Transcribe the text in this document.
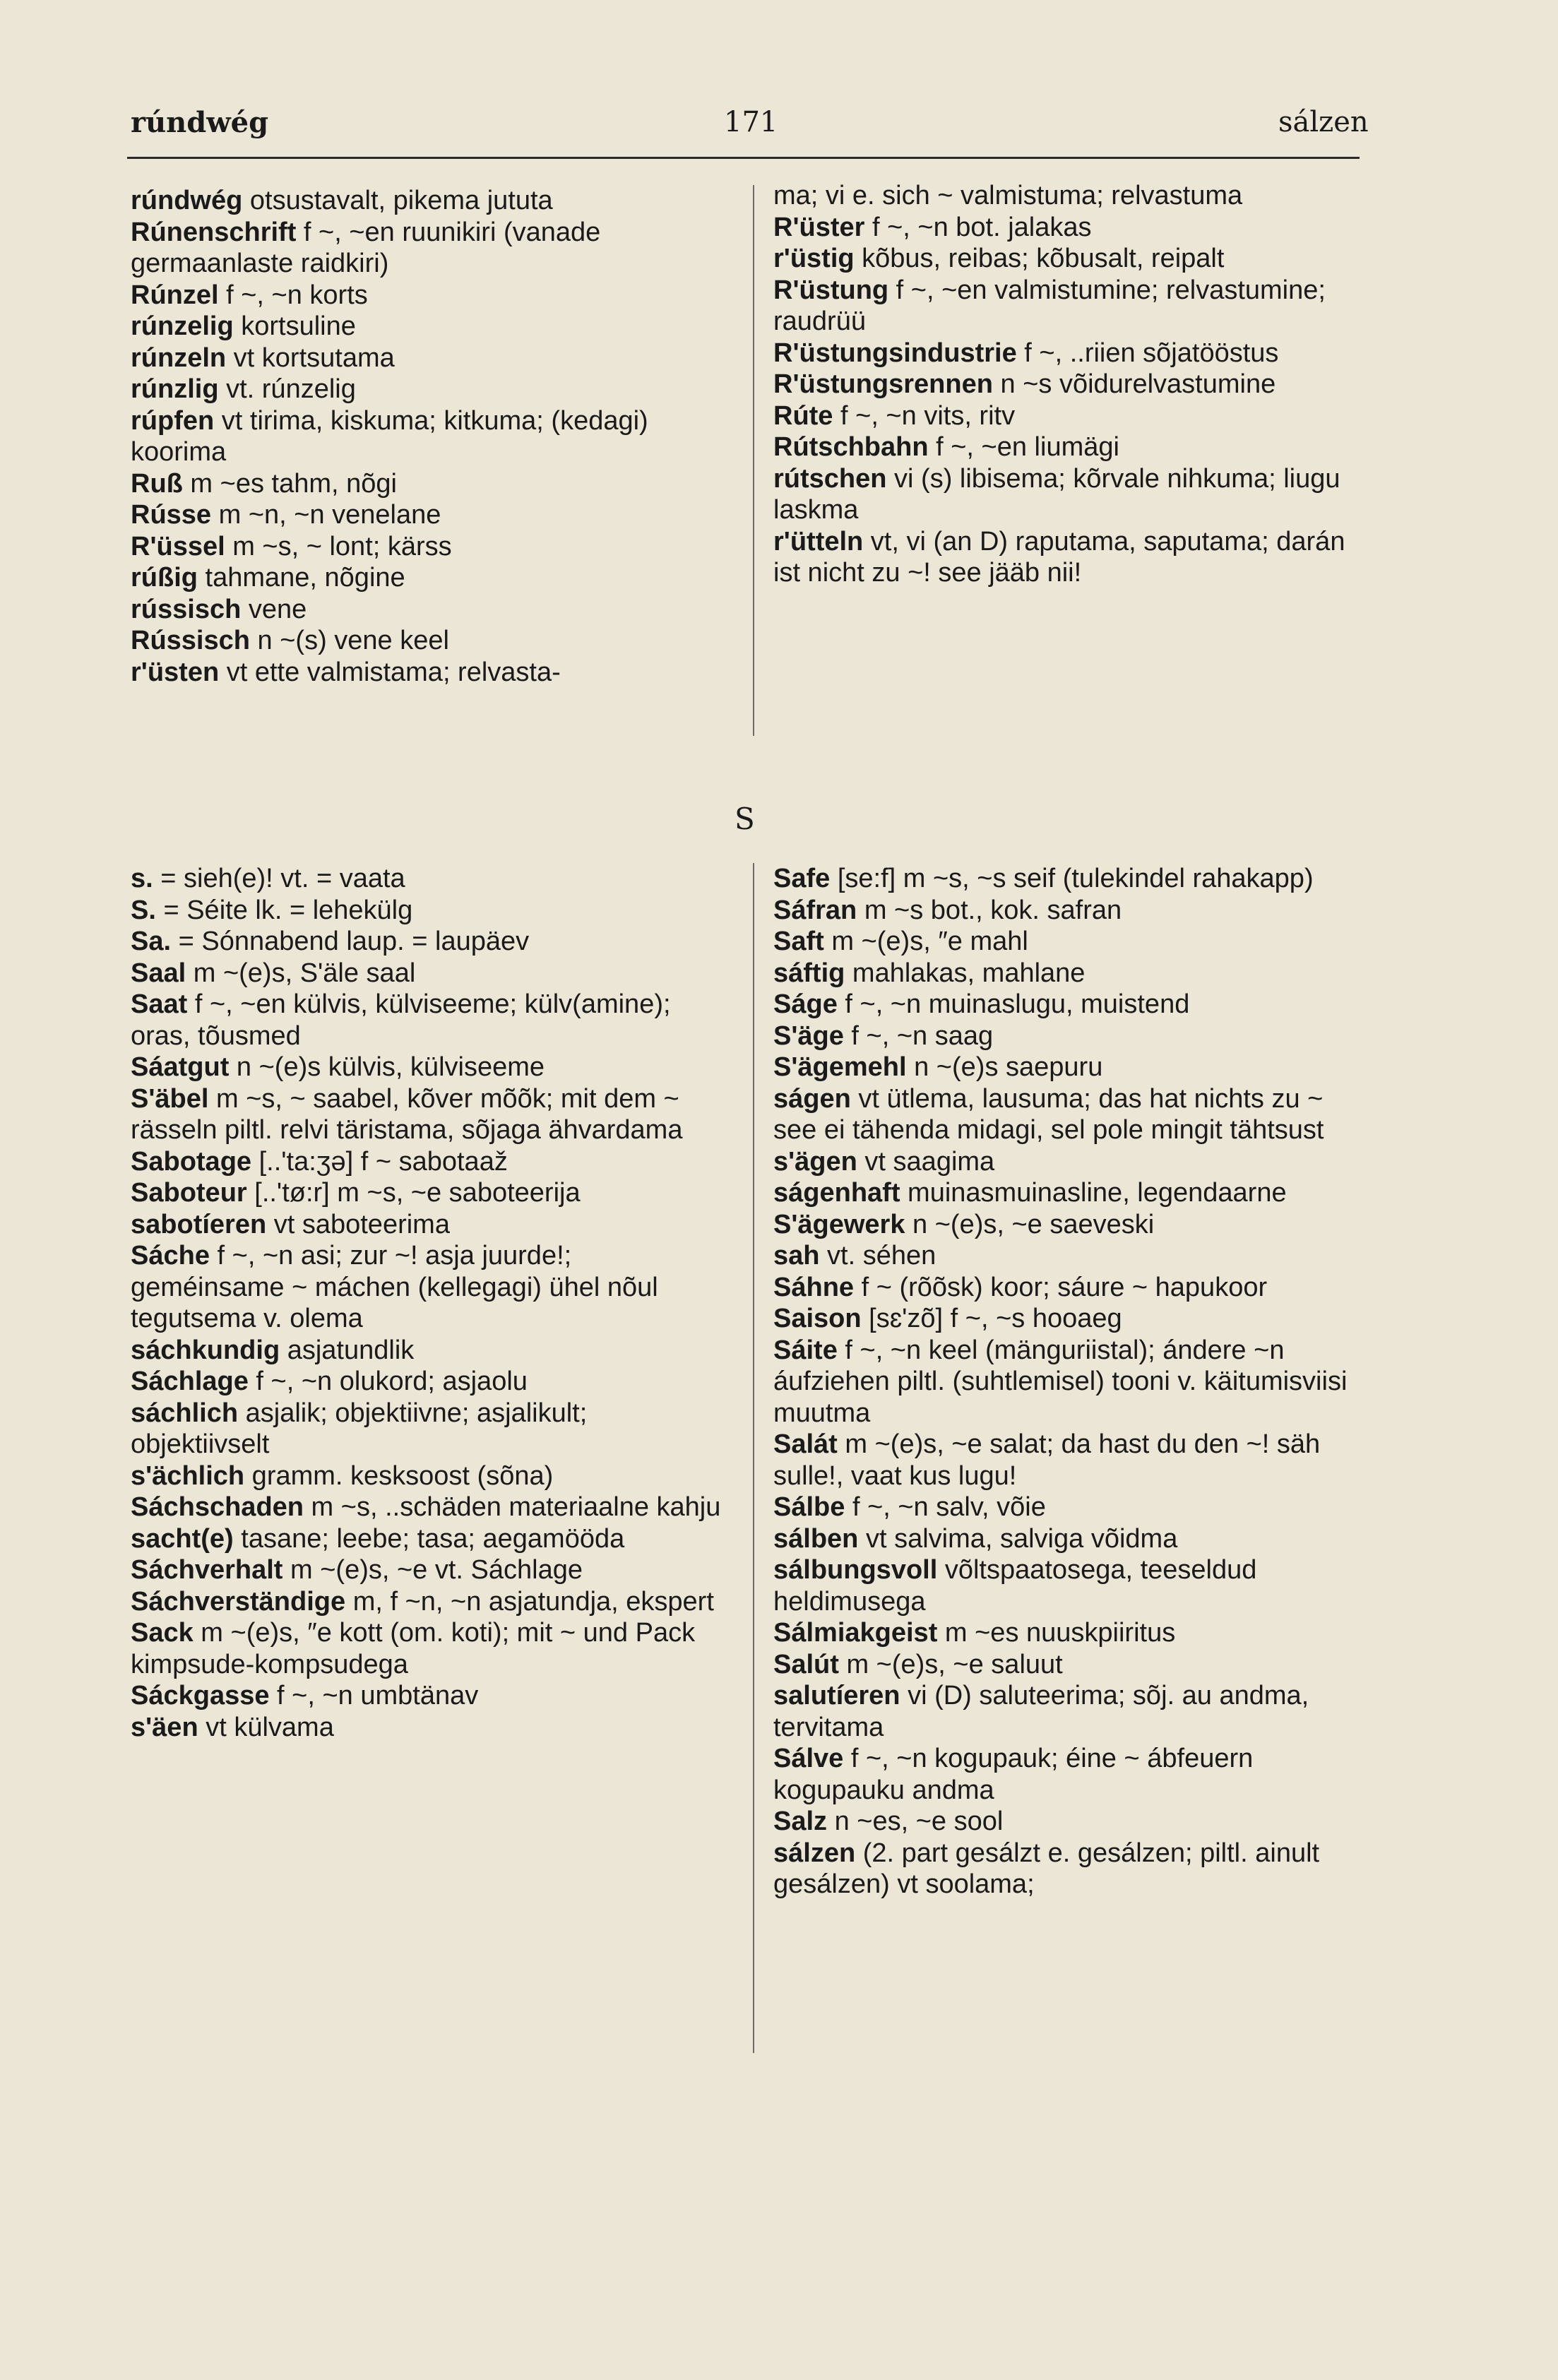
rúndwég	171	sálzen
rúndwég otsustavalt, pikema jututa
Rúnenschrift f ~, ~en ruunikiri (vanade germaanlaste raidkiri)
Rúnzel f ~, ~n korts
rúnzelig kortsuline
rúnzeln vt kortsutama
rúnzlig vt. rúnzelig
rúpfen vt tirima, kiskuma; kitkuma; (kedagi) koorima
Ruß m ~es tahm, nõgi
Rússe m ~n, ~n venelane
R'üssel m ~s, ~ lont; kärss
rúßig tahmane, nõgine
rússisch vene
Rússisch n ~(s) vene keel
r'üsten vt ette valmistama; relvasta-
ma; vi e. sich ~ valmistuma; relvastuma
R'üster f ~, ~n bot. jalakas
r'üstig kõbus, reibas; kõbusalt, reipalt
R'üstung f ~, ~en valmistumine; relvastumine; raudrüü
R'üstungsindustrie f ~, ..riien sõjatööstus
R'üstungsrennen n ~s võidurelvastumine
Rúte f ~, ~n vits, ritv
Rútschbahn f ~, ~en liumägi
rútschen vi (s) libisema; kõrvale nihkuma; liugu laskma
r'ütteln vt, vi (an D) raputama, saputama; darán ist nicht zu ~! see jääb nii!
S
s. = sieh(e)! vt. = vaata
S. = Séite lk. = lehekülg
Sa. = Sónnabend laup. = laupäev
Saal m ~(e)s, S'äle saal
Saat f ~, ~en külvis, külviseeme; külv(amine); oras, tõusmed
Sáatgut n ~(e)s külvis, külviseeme
S'äbel m ~s, ~ saabel, kõver mõõk; mit dem ~ rässeln piltl. relvi täristama, sõjaga ähvardama
Sabotage [..'ta:ʒə] f ~ sabotaaž
Saboteur [..'tø:r] m ~s, ~e saboteerija
sabotíeren vt saboteerima
Sáche f ~, ~n asi; zur ~! asja juurde!; geméinsame ~ máchen (kellegagi) ühel nõul tegutsema v. olema
sáchkundig asjatundlik
Sáchlage f ~, ~n olukord; asjaolu
sáchlich asjalik; objektiivne; asjalikult; objektiivselt
s'ächlich gramm. kesksoost (sõna)
Sáchschaden m ~s, ..schäden materiaalne kahju
sacht(e) tasane; leebe; tasa; aegamööda
Sáchverhalt m ~(e)s, ~e vt. Sáchlage
Sáchverständige m, f ~n, ~n asjatundja, ekspert
Sack m ~(e)s, ″e kott (om. koti); mit ~ und Pack kimpsude-kompsudega
Sáckgasse f ~, ~n umbtänav
s'äen vt külvama
Safe [se:f] m ~s, ~s seif (tulekindel rahakapp)
Sáfran m ~s bot., kok. safran
Saft m ~(e)s, ″e mahl
sáftig mahlakas, mahlane
Ságe f ~, ~n muinaslugu, muistend
S'äge f ~, ~n saag
S'ägemehl n ~(e)s saepuru
ságen vt ütlema, lausuma; das hat nichts zu ~ see ei tähenda midagi, sel pole mingit tähtsust
s'ägen vt saagima
ságenhaft muinasmuinasline, legendaarne
S'ägewerk n ~(e)s, ~e saeveski
sah vt. séhen
Sáhne f ~ (rõõsk) koor; sáure ~ hapukoor
Saison [sɛ'zõ] f ~, ~s hooaeg
Sáite f ~, ~n keel (mänguriistal); ándere ~n áufziehen piltl. (suhtlemisel) tooni v. käitumisviisi muutma
Salát m ~(e)s, ~e salat; da hast du den ~! säh sulle!, vaat kus lugu!
Sálbe f ~, ~n salv, võie
sálben vt salvima, salviga võidma
sálbungsvoll võltspaatosega, teeseldud heldimusega
Sálmiakgeist m ~es nuuskpiiritus
Salút m ~(e)s, ~e saluut
salutíeren vi (D) saluteerima; sõj. au andma, tervitama
Sálve f ~, ~n kogupauk; éine ~ ábfeuern kogupauku andma
Salz n ~es, ~e sool
sálzen (2. part gesálzt e. gesálzen; piltl. ainult gesálzen) vt soolama;
